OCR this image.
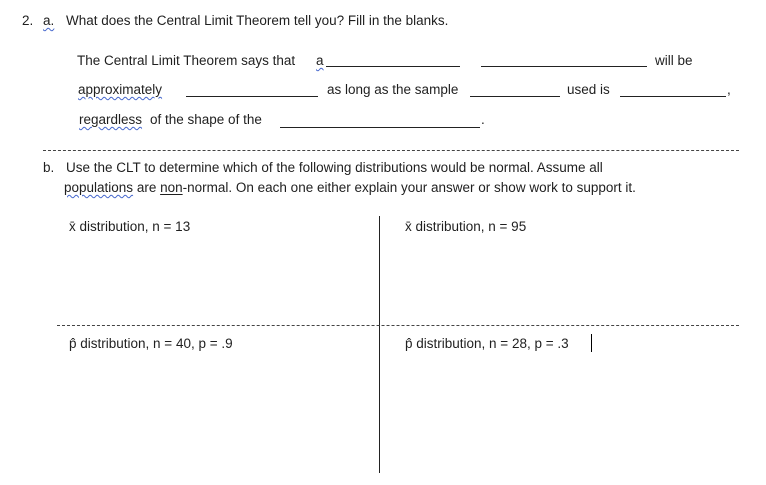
2. a. What does the Central Limit Theorem tell you? Fill in the blanks.
The Central Limit Theorem says that a	will be
approximately	as long as the sample	used is	,
regardless of the shape of the	.
b. Use the CLT to determine which of the following distributions would be normal. Assume all
populations are non-normal. On each one either explain your answer or show work to support it.
x̄ distribution, n = 13	x̄ distribution, n = 95
p̂ distribution, n = 40, p = .9	p̂ distribution, n = 28, p = .3
